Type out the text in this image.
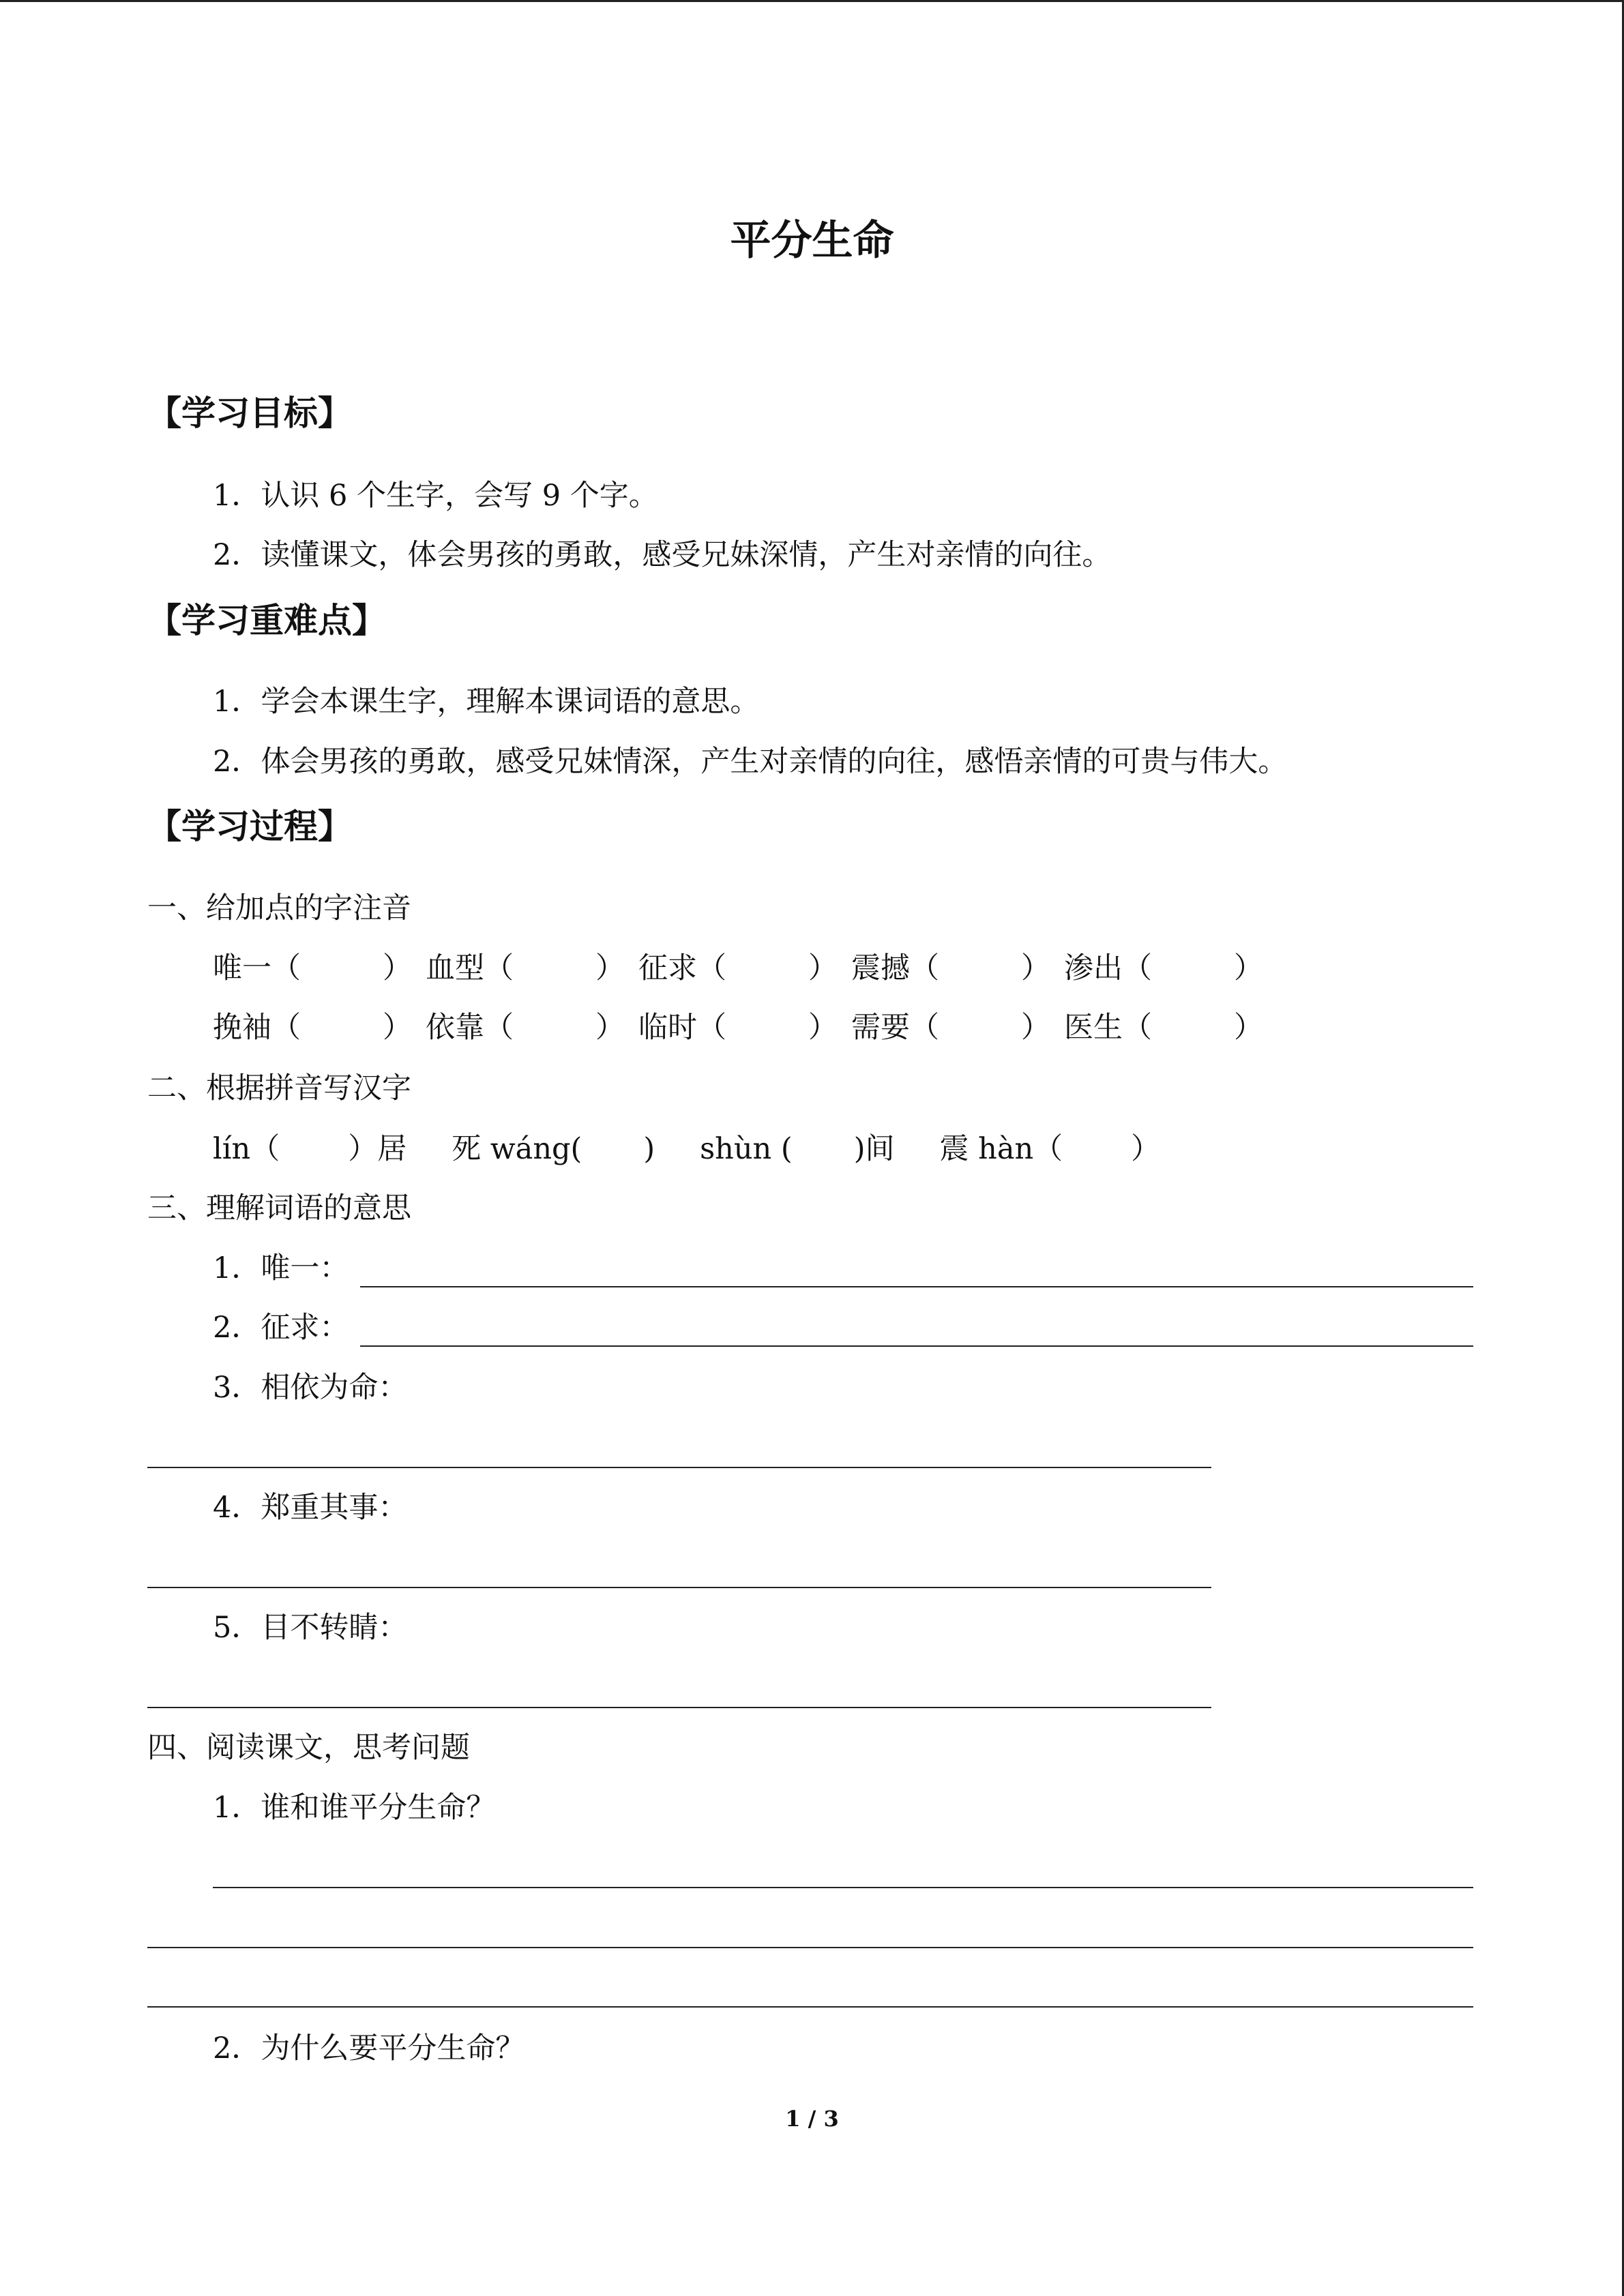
平分生命
【学习目标】
1．认识 6 个生字，会写 9 个字。
2．读懂课文，体会男孩的勇敢，感受兄妹深情，产生对亲情的向往。
【学习重难点】
1．学会本课生字，理解本课词语的意思。
2．体会男孩的勇敢，感受兄妹情深，产生对亲情的向往，感悟亲情的可贵与伟大。
【学习过程】
一、给加点的字注音
唯一（	） 血型（	） 征求（	） 震撼（	） 渗出（	）
挽袖（	） 依靠（	） 临时（	） 需要（	） 医生（	）
二、根据拼音写汉字
lín（ ）居 死 wáng( ) shùn ( )间 震 hàn（ ）
三、理解词语的意思
1．唯一：
2．征求：
3．相依为命：
4．郑重其事：
5．目不转睛：
四、阅读课文，思考问题
1．谁和谁平分生命？
2．为什么要平分生命？
1 / 3
